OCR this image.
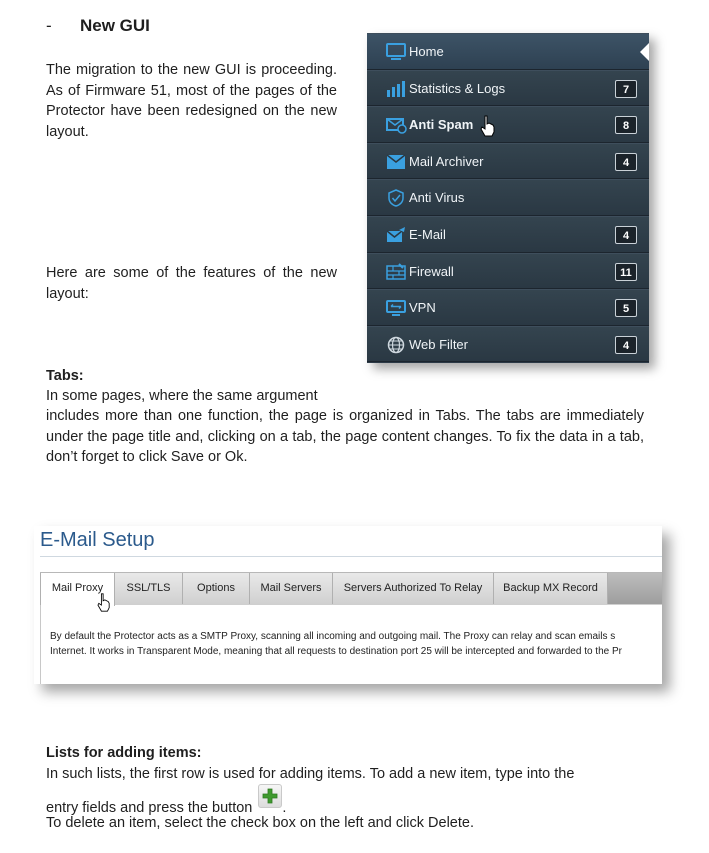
- New GUI
The migration to the new GUI is proceeding. As of Firmware 51, most of the pages of the Protector have been redesigned on the new layout.
Here are some of the features of the new layout:
Home
Statistics & Logs	7
Anti Spam	8
Mail Archiver	4
Anti Virus
E-Mail	4
Firewall	11
VPN	5
Web Filter	4
Tabs:
In some pages, where the same argument
includes more than one function, the page is organized in Tabs. The tabs are immediately under the page title and, clicking on a tab, the page content changes. To fix the data in a tab, don’t forget to click Save or Ok.
E-Mail Setup
Mail Proxy	SSL/TLS	Options	Mail Servers	Servers Authorized To Relay	Backup MX Record
By default the Protector acts as a SMTP Proxy, scanning all incoming and outgoing mail. The Proxy can relay and scan emails s
Internet. It works in Transparent Mode, meaning that all requests to destination port 25 will be intercepted and forwarded to the Pr
Lists for adding items:
In such lists, the first row is used for adding items. To add a new item, type into the
entry fields and press the button .
To delete an item, select the check box on the left and click Delete.
